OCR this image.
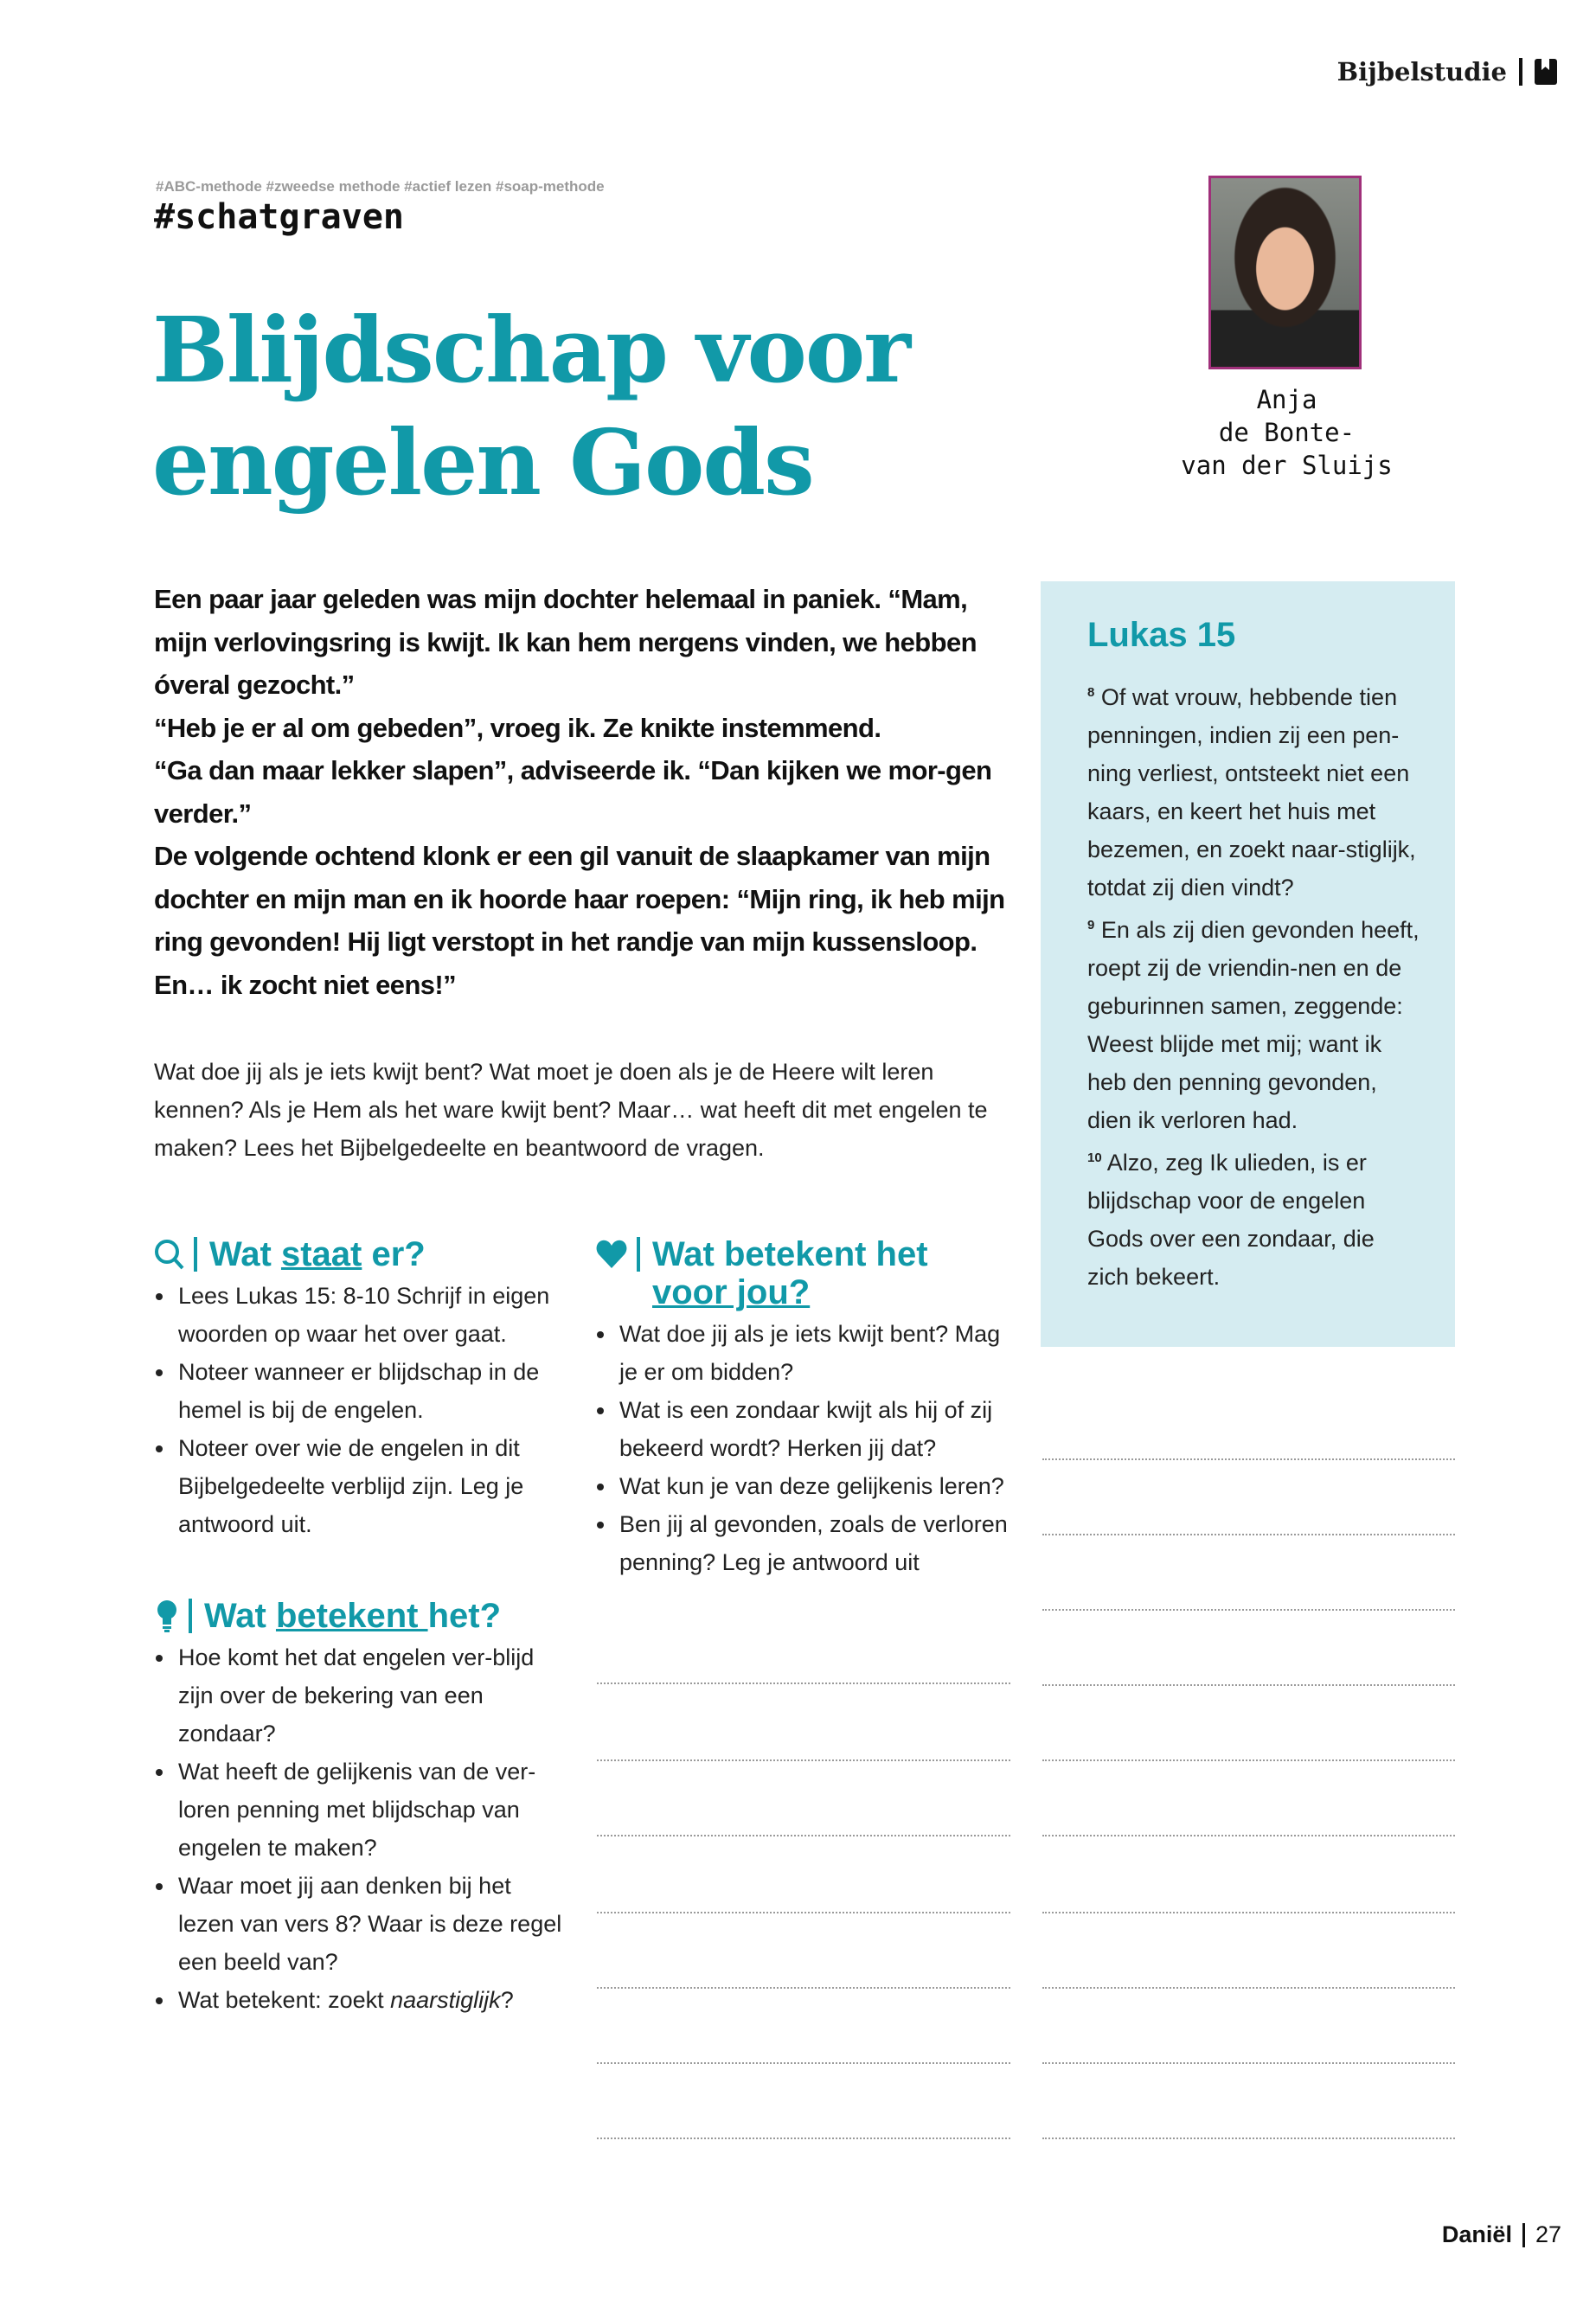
Bijbelstudie
#ABC-methode #zweedse methode #actief lezen #soap-methode
#schatgraven
Blijdschap voor
engelen Gods
Anja
de Bonte-
van der Sluijs
Een paar jaar geleden was mijn dochter helemaal in paniek. “Mam, mijn verlovingsring is kwijt. Ik kan hem nergens vinden, we hebben óveral gezocht.”
“Heb je er al om gebeden”, vroeg ik. Ze knikte instemmend.
“Ga dan maar lekker slapen”, adviseerde ik. “Dan kijken we mor-gen verder.”
De volgende ochtend klonk er een gil vanuit de slaapkamer van mijn dochter en mijn man en ik hoorde haar roepen: “Mijn ring, ik heb mijn ring gevonden! Hij ligt verstopt in het randje van mijn kussensloop. En… ik zocht niet eens!”

Wat doe jij als je iets kwijt bent? Wat moet je doen als je de Heere wilt leren kennen? Als je Hem als het ware kwijt bent? Maar… wat heeft dit met engelen te maken? Lees het Bijbelgedeelte en beantwoord de vragen.

Lukas 15

$^8$ Of wat vrouw, hebbende tien penningen, indien zij een pen-ning verliest, ontsteekt niet een kaars, en keert het huis met bezemen, en zoekt naar-stiglijk, totdat zij dien vindt?
$^9$ En als zij dien gevonden heeft, roept zij de vriendin-nen en de geburinnen samen, zeggende: Weest blijde met mij; want ik heb den penning gevonden, dien ik verloren had.
$^{10}$ Alzo, zeg Ik ulieden, is er blijdschap voor de engelen Gods over een zondaar, die zich bekeert.

Wat staat er?
Lees Lukas 15: 8-10 Schrijf in eigen woorden op waar het over gaat.
Noteer wanneer er blijdschap in de hemel is bij de engelen.
Noteer over wie de engelen in dit Bijbelgedeelte verblijd zijn. Leg je antwoord uit.
Wat betekent het voor jou?
Wat doe jij als je iets kwijt bent? Mag je er om bidden?
Wat is een zondaar kwijt als hij of zij bekeerd wordt? Herken jij dat?
Wat kun je van deze gelijkenis leren?
Ben jij al gevonden, zoals de verloren penning? Leg je antwoord uit
Wat betekent het?
Hoe komt het dat engelen ver-blijd zijn over de bekering van een zondaar?
Wat heeft de gelijkenis van de ver-loren penning met blijdschap van engelen te maken?
Waar moet jij aan denken bij het lezen van vers 8? Waar is deze regel een beeld van?
Wat betekent: zoekt naarstiglijk?
Daniël 27
